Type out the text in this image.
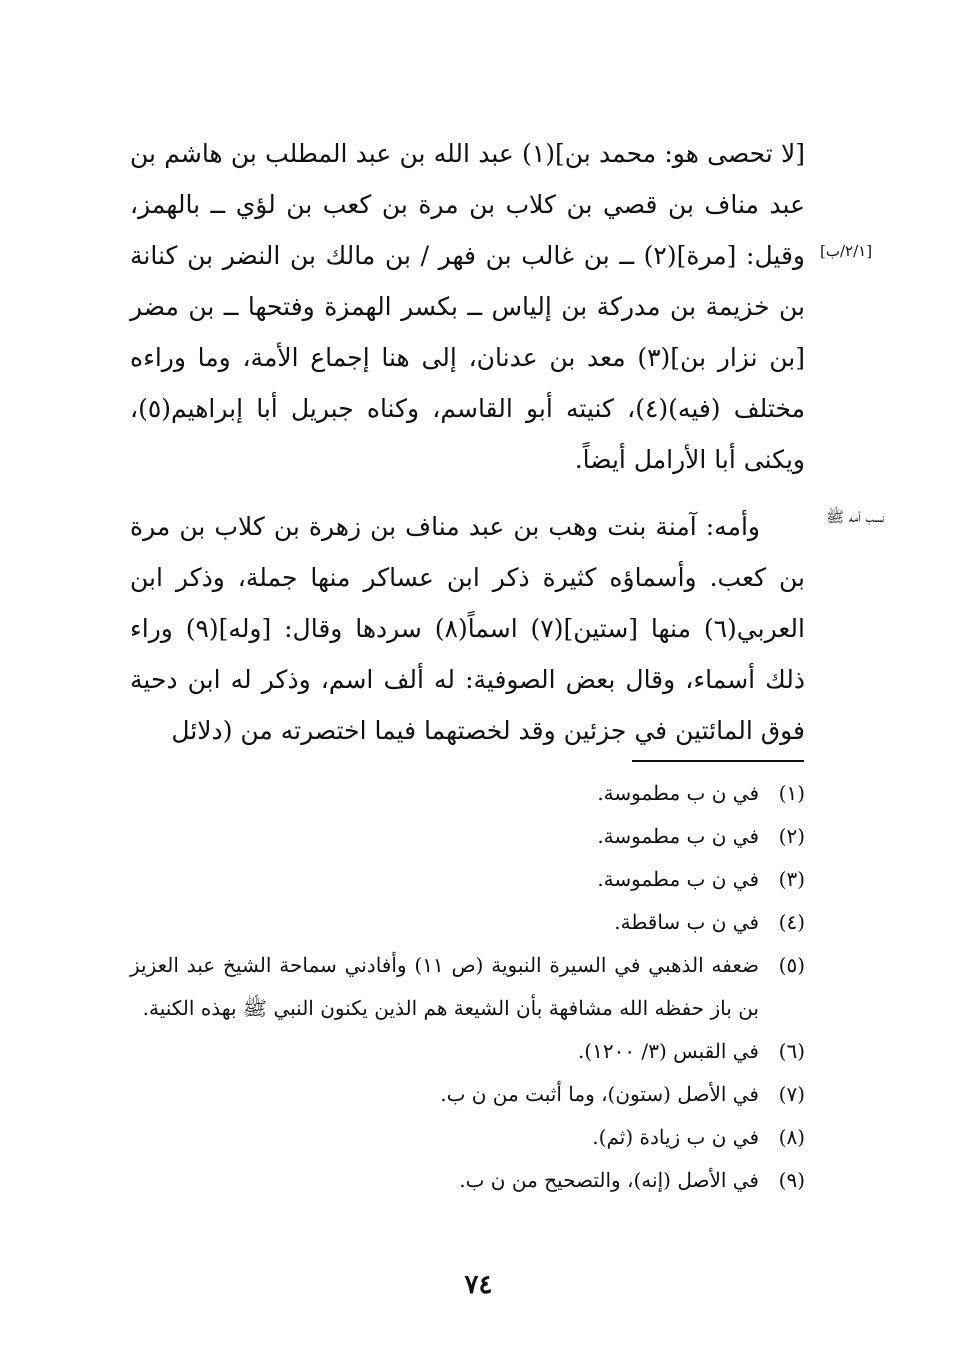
[٢/١/ب]
نسب أمه ﷺ

[لا تحصى هو: محمد بن](١) عبد الله بن عبد المطلب بن هاشم بن عبد مناف بن قصي بن كلاب بن مرة بن كعب بن لؤي ــ بالهمز، وقيل: [مرة](٢) ــ بن غالب بن فهر / بن مالك بن النضر بن كنانة بن خزيمة بن مدركة بن إلياس ــ بكسر الهمزة وفتحها ــ بن مضر [بن نزار بن](٣) معد بن عدنان، إلى هنا إجماع الأمة، وما وراءه مختلف (فيه)(٤)، كنيته أبو القاسم، وكناه جبريل أبا إبراهيم(٥)، ويكنى أبا الأرامل أيضاً.

وأمه: آمنة بنت وهب بن عبد مناف بن زهرة بن كلاب بن مرة بن كعب. وأسماؤه كثيرة ذكر ابن عساكر منها جملة، وذكر ابن العربي(٦) منها [ستين](٧) اسماً(٨) سردها وقال: [وله](٩) وراء ذلك أسماء، وقال بعض الصوفية: له ألف اسم، وذكر له ابن دحية فوق المائتين في جزئين وقد لخصتهما فيما اختصرته من (دلائل

(١)
في ن ب مطموسة.
(٢)
في ن ب مطموسة.
(٣)
في ن ب مطموسة.
(٤)
في ن ب ساقطة.
(٥)
ضعفه الذهبي في السيرة النبوية (ص ١١) وأفادني سماحة الشيخ عبد العزيز بن باز حفظه الله مشافهة بأن الشيعة هم الذين يكنون النبي ﷺ بهذه الكنية.
(٦)
في القبس (٣/ ١٢٠٠).
(٧)
في الأصل (ستون)، وما أثبت من ن ب.
(٨)
في ن ب زيادة (ثم).
(٩)
في الأصل (إنه)، والتصحيح من ن ب.
٧٤
